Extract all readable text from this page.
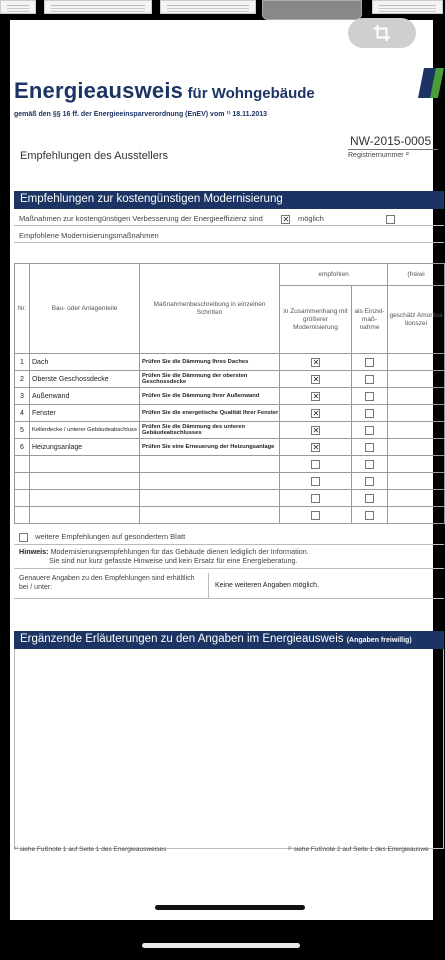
Energieausweis für Wohngebäude
gemäß den §§ 16 ff. der Energieeinsparverordnung (EnEV) vom ¹⁾ 18.11.2013
Empfehlungen des Ausstellers
NW-2015-0005
Registriernummer ²⁾
Empfehlungen zur kostengünstigen Modernisierung
Maßnahmen zur kostengünstigen Verbesserung der Energieeffizienz sind ✕	möglich
Empfohlene Modernisierungsmaßnahmen
Nr.	Bau- oder Anlagenteile	Maßnahmenbeschreibung in einzelnen Schritten	empfohlen		(freiwi
			in Zusammenhang mit größerer Modernisierung	als Einzel-maß-nahme	geschätz Amortisa tionszei
1	Dach	Prüfen Sie die Dämmung Ihres Daches	✕		
2	Oberste Geschossdecke	Prüfen Sie die Dämmung der obersten Geschossdecke	✕		
3	Außenwand	Prüfen Sie die Dämmung Ihrer Außenwand	✕		
4	Fenster	Prüfen Sie die energetische Qualität Ihrer Fenster	✕		
5	Kellerdecke / unterer Gebäudeabschluss	Prüfen Sie die Dämmung des unteren Gebäudeabschlusses	✕		
6	Heizungsanlage	Prüfen Sie eine Erneuerung der Heizungsanlage	✕		

weitere Empfehlungen auf gesondertem Blatt
Hinweis: Modernisierungsempfehlungen für das Gebäude dienen lediglich der Information.
Sie sind nur kurz gefasste Hinweise und kein Ersatz für eine Energieberatung.
Genauere Angaben zu den Empfehlungen sind erhältlich bei / unter:	Keine weiteren Angaben möglich.
Ergänzende Erläuterungen zu den Angaben im Energieausweis (Angaben freiwillig)
¹⁾ siehe Fußnote 1 auf Seite 1 des Energieausweises	²⁾ siehe Fußnote 2 auf Seite 1 des Energieauswe
